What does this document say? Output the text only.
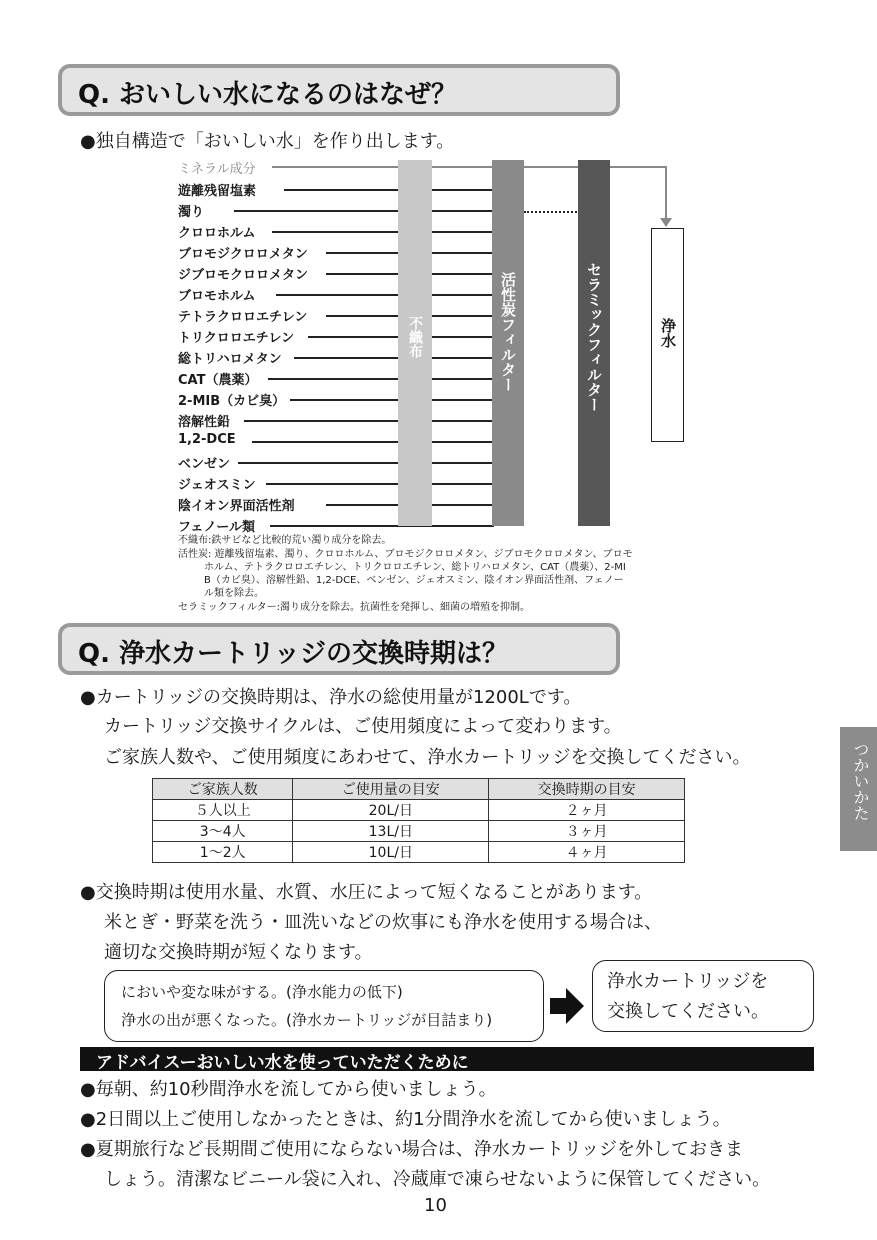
Q. おいしい水になるのはなぜ？
●独自構造で「おいしい水」を作り出します。
ミネラル成分
遊離残留塩素
濁り
クロロホルム
ブロモジクロロメタン
ジブロモクロロメタン
ブロモホルム
テトラクロロエチレン
トリクロロエチレン
総トリハロメタン
CAT（農薬）
2-MIB（カビ臭）
溶解性鉛
1,2-DCE
ベンゼン
ジェオスミン
陰イオン界面活性剤
フェノール類
不織布	活性炭フィルター	セラミックフィルター	浄水
不織布:鉄サビなど比較的荒い濁り成分を除去。
活性炭: 遊離残留塩素、濁り、クロロホルム、ブロモジクロロメタン、ジブロモクロロメタン、ブロモ
ホルム、テトラクロロエチレン、トリクロロエチレン、総トリハロメタン、CAT（農薬）、2-MI
B（カビ臭）、溶解性鉛、1,2-DCE、ベンゼン、ジェオスミン、陰イオン界面活性剤、フェノー
ル類を除去。
セラミックフィルター:濁り成分を除去。抗菌性を発揮し、細菌の増殖を抑制。
Q. 浄水カートリッジの交換時期は？
●カートリッジの交換時期は、浄水の総使用量が1200Lです。
カートリッジ交換サイクルは、ご使用頻度によって変わります。
ご家族人数や、ご使用頻度にあわせて、浄水カートリッジを交換してください。
ご家族人数	ご使用量の目安	交換時期の目安
５人以上	20L/日	２ヶ月
3〜4人	13L/日	３ヶ月
1〜2人	10L/日	４ヶ月
●交換時期は使用水量、水質、水圧によって短くなることがあります。
米とぎ・野菜を洗う・皿洗いなどの炊事にも浄水を使用する場合は、
適切な交換時期が短くなります。
においや変な味がする。(浄水能力の低下)
浄水の出が悪くなった。(浄水カートリッジが目詰まり)
浄水カートリッジを
交換してください。
アドバイスーおいしい水を使っていただくために
●毎朝、約10秒間浄水を流してから使いましょう。
●2日間以上ご使用しなかったときは、約1分間浄水を流してから使いましょう。
●夏期旅行など長期間ご使用にならない場合は、浄水カートリッジを外しておきま
しょう。清潔なビニール袋に入れ、冷蔵庫で凍らせないように保管してください。
つかいかた
10
